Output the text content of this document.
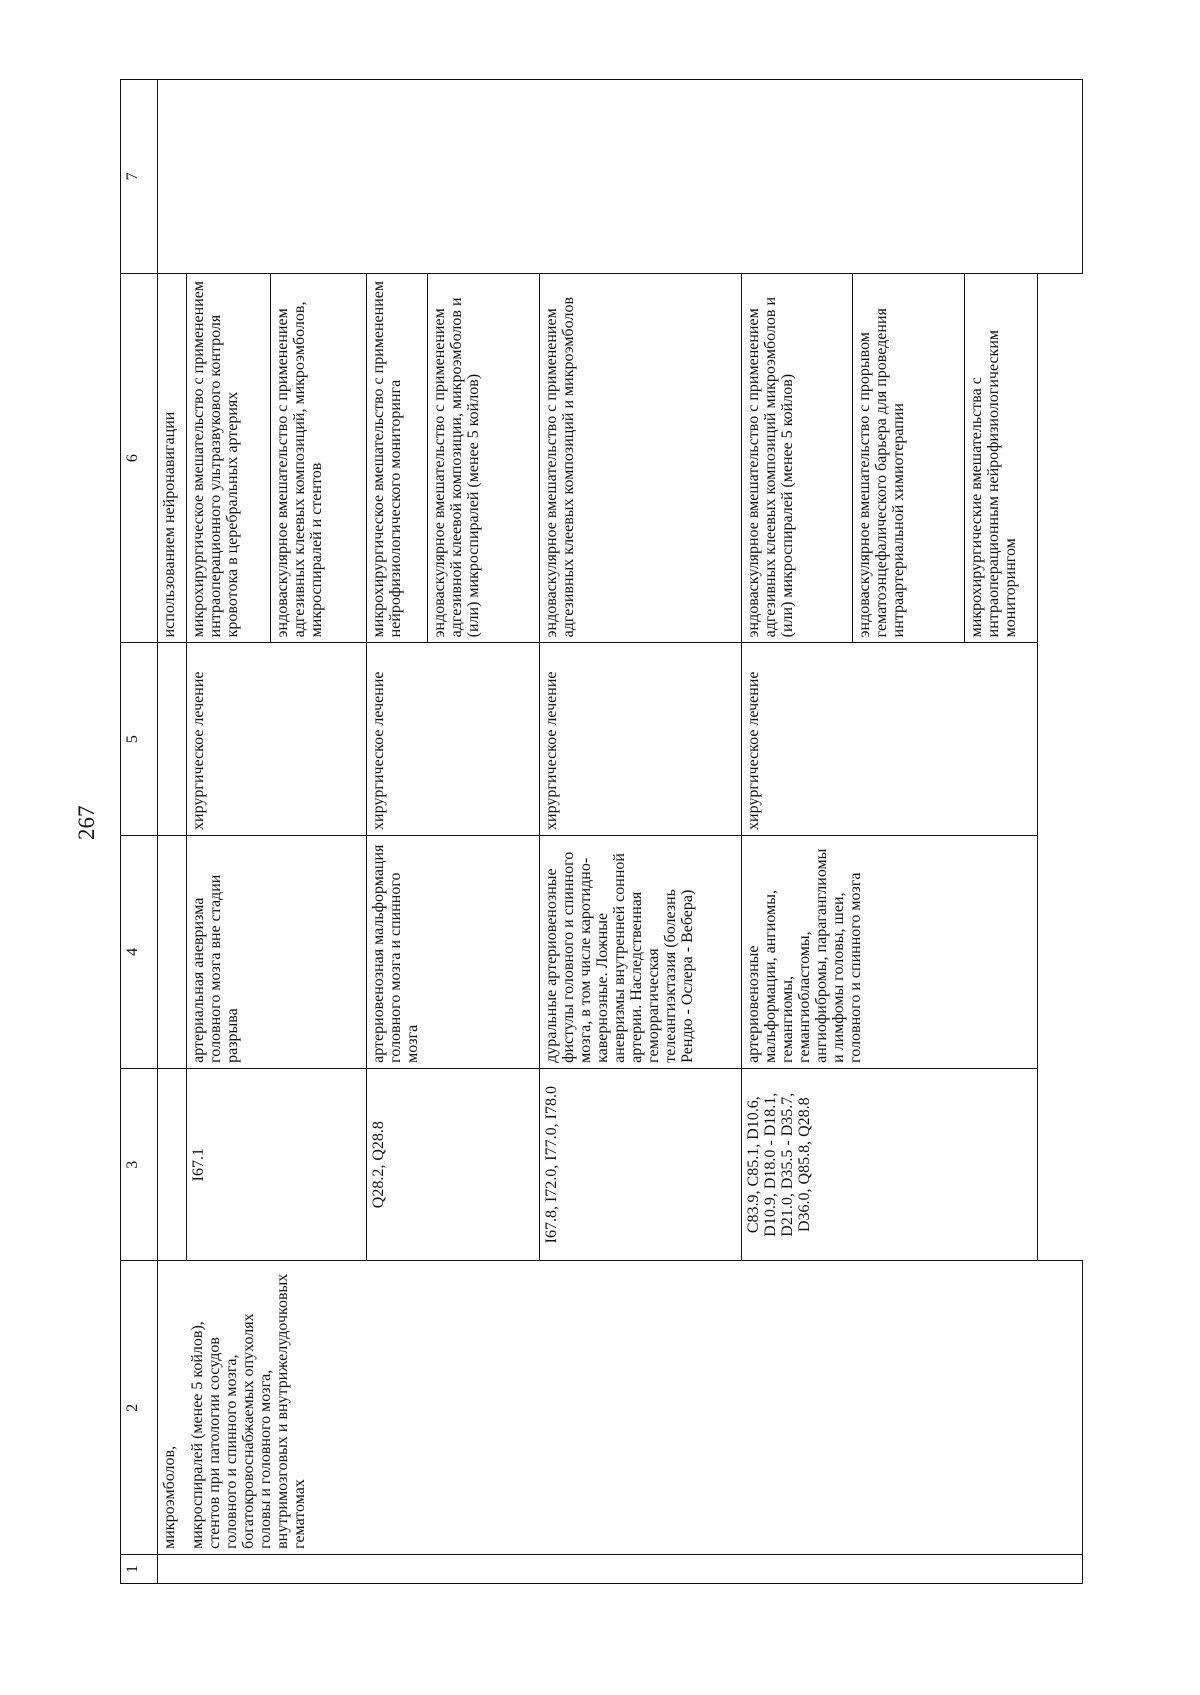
267
1	2	3	4	5	6	7
	микроэмболов,				использованием нейронавигации	
	микроспиралей (менее 5 койлов), стентов при патологии сосудов головного и спинного мозга, богатокровоснабжаемых опухолях головы и головного мозга, внутримозговых и внутрижелудочковых гематомах	I67.1	артериальная аневризма головного мозга вне стадии разрыва	хирургическое лечение	микрохирургическое вмешательство с применением интраоперационного ультразвукового контроля кровотока в церебральных артериях	
					эндоваскулярное вмешательство с применением адгезивных клеевых композиций, микроэмболов, микроспиралей и стентов	
		Q28.2, Q28.8	артериовенозная мальформация головного мозга и спинного мозга	хирургическое лечение	микрохирургическое вмешательство с применением нейрофизиологического мониторинга	
					эндоваскулярное вмешательство с применением адгезивной клеевой композиции, микроэмболов и (или) микроспиралей (менее 5 койлов)	
		I67.8, I72.0, I77.0, I78.0	дуральные артериовенозные фистулы головного и спинного мозга, в том числе каротидно-кавернозные. Ложные аневризмы внутренней сонной артерии. Наследственная геморрагическая телеангиэктазия (болезнь Рендю - Ослера - Вебера)	хирургическое лечение	эндоваскулярное вмешательство с применением адгезивных клеевых композиций и микроэмболов	

		C83.9, C85.1, D10.6, D10.9, D18.0 - D18.1, D21.0, D35.5 - D35.7, D36.0, Q85.8, Q28.8	артериовенозные мальформации, ангиомы, гемангиомы, гемангиобластомы, ангиофибромы, параганглиомы и лимфомы головы, шеи, головного и спинного мозга	хирургическое лечение	эндоваскулярное вмешательство с применением адгезивных клеевых композиций микроэмболов и (или) микроспиралей (менее 5 койлов)	
					эндоваскулярное вмешательство с прорывом гематоэнцефалического барьера для проведения интраартериальной химиотерапии	
					микрохирургические вмешательства с интраоперационным нейрофизиологическим мониторингом	
